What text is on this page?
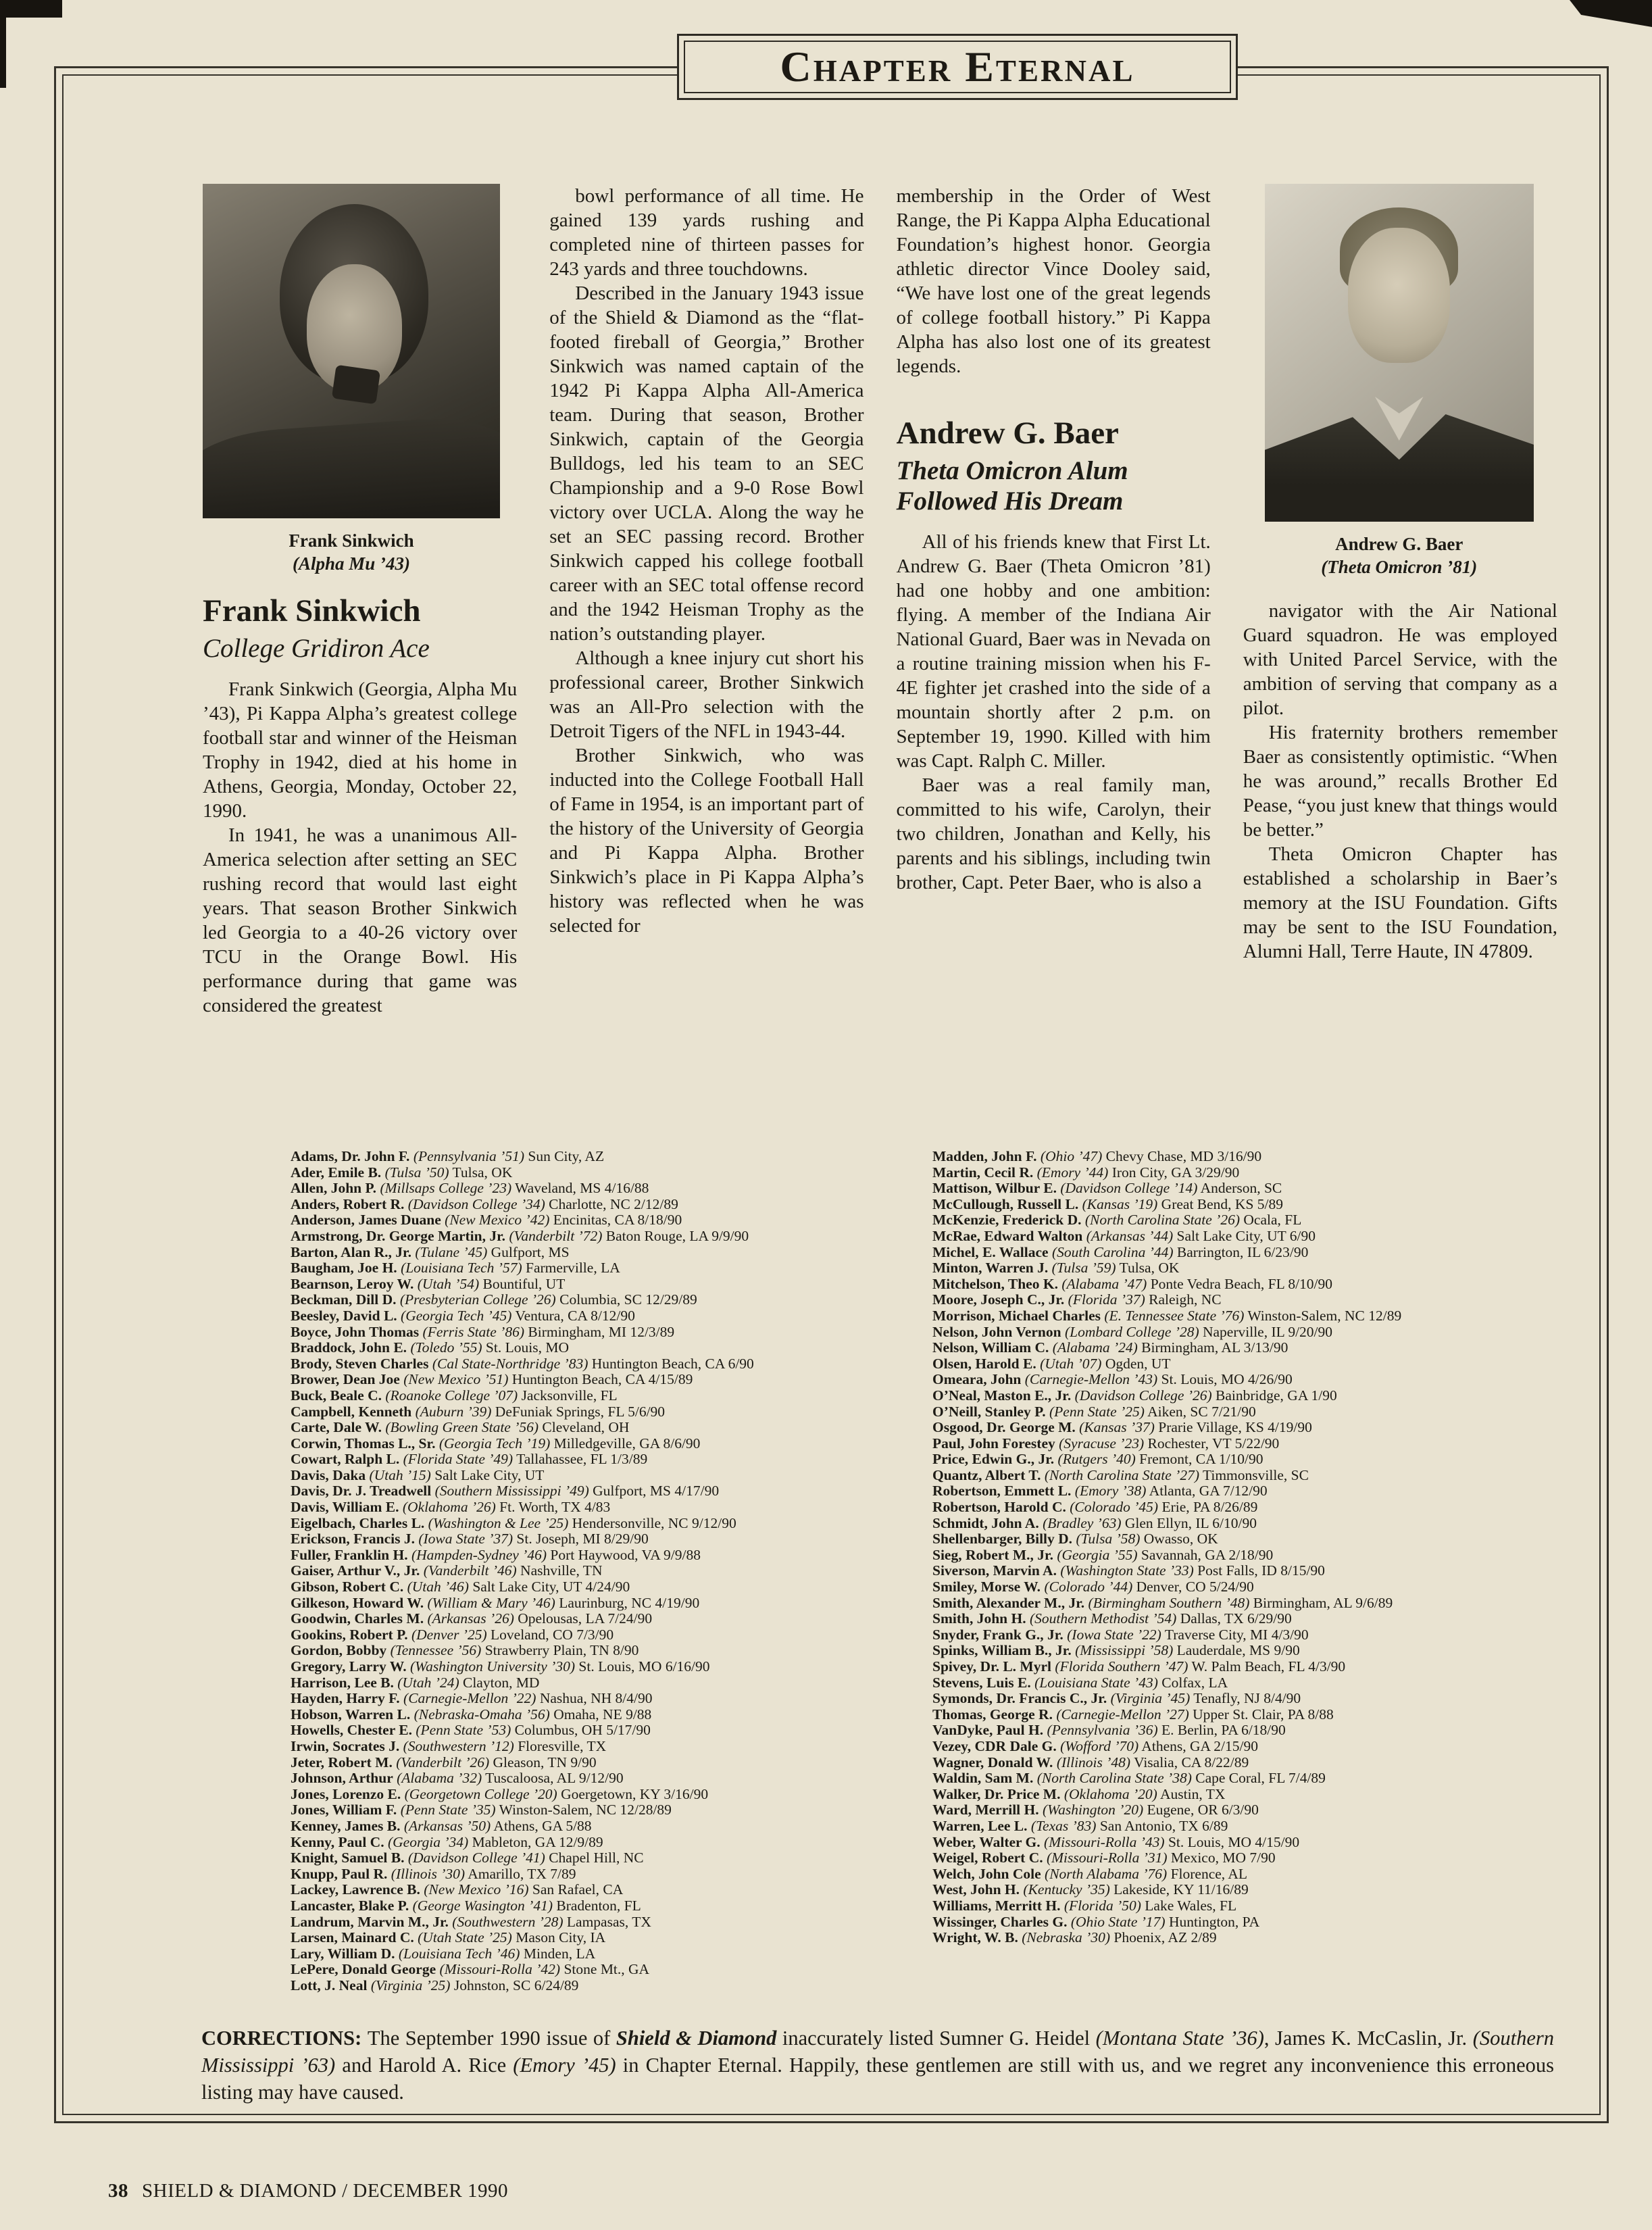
Chapter Eternal
Frank Sinkwich
(Alpha Mu ’43)
Frank Sinkwich
College Gridiron Ace

Frank Sinkwich (Georgia, Alpha Mu ’43), Pi Kappa Alpha’s greatest college football star and winner of the Heisman Trophy in 1942, died at his home in Athens, Georgia, Monday, October 22, 1990.

In 1941, he was a unanimous All-America selection after setting an SEC rushing record that would last eight years. That season Brother Sinkwich led Georgia to a 40-26 victory over TCU in the Orange Bowl. His performance during that game was considered the greatest

bowl performance of all time. He gained 139 yards rushing and completed nine of thirteen passes for 243 yards and three touchdowns.

Described in the January 1943 issue of the Shield & Diamond as the “flat-footed fireball of Georgia,” Brother Sinkwich was named captain of the 1942 Pi Kappa Alpha All-America team. During that season, Brother Sinkwich, captain of the Georgia Bulldogs, led his team to an SEC Championship and a 9-0 Rose Bowl victory over UCLA. Along the way he set an SEC passing record. Brother Sinkwich capped his college football career with an SEC total offense record and the 1942 Heisman Trophy as the nation’s outstanding player.

Although a knee injury cut short his professional career, Brother Sinkwich was an All-Pro selection with the Detroit Tigers of the NFL in 1943-44.

Brother Sinkwich, who was inducted into the College Football Hall of Fame in 1954, is an important part of the history of the University of Georgia and Pi Kappa Alpha. Brother Sinkwich’s place in Pi Kappa Alpha’s history was reflected when he was selected for

membership in the Order of West Range, the Pi Kappa Alpha Educational Foundation’s highest honor. Georgia athletic director Vince Dooley said, “We have lost one of the great legends of college football history.” Pi Kappa Alpha has also lost one of its greatest legends.

Andrew G. Baer
Theta Omicron Alum Followed His Dream

All of his friends knew that First Lt. Andrew G. Baer (Theta Omicron ’81) had one hobby and one ambition: flying. A member of the Indiana Air National Guard, Baer was in Nevada on a routine training mission when his F-4E fighter jet crashed into the side of a mountain shortly after 2 p.m. on September 19, 1990. Killed with him was Capt. Ralph C. Miller.

Baer was a real family man, committed to his wife, Carolyn, their two children, Jonathan and Kelly, his parents and his siblings, including twin brother, Capt. Peter Baer, who is also a

Andrew G. Baer
(Theta Omicron ’81)

navigator with the Air National Guard squadron. He was employed with United Parcel Service, with the ambition of serving that company as a pilot.

His fraternity brothers remember Baer as consistently optimistic. “When he was around,” recalls Brother Ed Pease, “you just knew that things would be better.”

Theta Omicron Chapter has established a scholarship in Baer’s memory at the ISU Foundation. Gifts may be sent to the ISU Foundation, Alumni Hall, Terre Haute, IN 47809.

Adams, Dr. John F. (Pennsylvania ’51) Sun City, AZ
Ader, Emile B. (Tulsa ’50) Tulsa, OK
Allen, John P. (Millsaps College ’23) Waveland, MS 4/16/88
Anders, Robert R. (Davidson College ’34) Charlotte, NC 2/12/89
Anderson, James Duane (New Mexico ’42) Encinitas, CA 8/18/90
Armstrong, Dr. George Martin, Jr. (Vanderbilt ’72) Baton Rouge, LA 9/9/90
Barton, Alan R., Jr. (Tulane ’45) Gulfport, MS
Baugham, Joe H. (Louisiana Tech ’57) Farmerville, LA
Bearnson, Leroy W. (Utah ’54) Bountiful, UT
Beckman, Dill D. (Presbyterian College ’26) Columbia, SC 12/29/89
Beesley, David L. (Georgia Tech ’45) Ventura, CA 8/12/90
Boyce, John Thomas (Ferris State ’86) Birmingham, MI 12/3/89
Braddock, John E. (Toledo ’55) St. Louis, MO
Brody, Steven Charles (Cal State-Northridge ’83) Huntington Beach, CA 6/90
Brower, Dean Joe (New Mexico ’51) Huntington Beach, CA 4/15/89
Buck, Beale C. (Roanoke College ’07) Jacksonville, FL
Campbell, Kenneth (Auburn ’39) DeFuniak Springs, FL 5/6/90
Carte, Dale W. (Bowling Green State ’56) Cleveland, OH
Corwin, Thomas L., Sr. (Georgia Tech ’19) Milledgeville, GA 8/6/90
Cowart, Ralph L. (Florida State ’49) Tallahassee, FL 1/3/89
Davis, Daka (Utah ’15) Salt Lake City, UT
Davis, Dr. J. Treadwell (Southern Mississippi ’49) Gulfport, MS 4/17/90
Davis, William E. (Oklahoma ’26) Ft. Worth, TX 4/83
Eigelbach, Charles L. (Washington & Lee ’25) Hendersonville, NC 9/12/90
Erickson, Francis J. (Iowa State ’37) St. Joseph, MI 8/29/90
Fuller, Franklin H. (Hampden-Sydney ’46) Port Haywood, VA 9/9/88
Gaiser, Arthur V., Jr. (Vanderbilt ’46) Nashville, TN
Gibson, Robert C. (Utah ’46) Salt Lake City, UT 4/24/90
Gilkeson, Howard W. (William & Mary ’46) Laurinburg, NC 4/19/90
Goodwin, Charles M. (Arkansas ’26) Opelousas, LA 7/24/90
Gookins, Robert P. (Denver ’25) Loveland, CO 7/3/90
Gordon, Bobby (Tennessee ’56) Strawberry Plain, TN 8/90
Gregory, Larry W. (Washington University ’30) St. Louis, MO 6/16/90
Harrison, Lee B. (Utah ’24) Clayton, MD
Hayden, Harry F. (Carnegie-Mellon ’22) Nashua, NH 8/4/90
Hobson, Warren L. (Nebraska-Omaha ’56) Omaha, NE 9/88
Howells, Chester E. (Penn State ’53) Columbus, OH 5/17/90
Irwin, Socrates J. (Southwestern ’12) Floresville, TX
Jeter, Robert M. (Vanderbilt ’26) Gleason, TN 9/90
Johnson, Arthur (Alabama ’32) Tuscaloosa, AL 9/12/90
Jones, Lorenzo E. (Georgetown College ’20) Goergetown, KY 3/16/90
Jones, William F. (Penn State ’35) Winston-Salem, NC 12/28/89
Kenney, James B. (Arkansas ’50) Athens, GA 5/88
Kenny, Paul C. (Georgia ’34) Mableton, GA 12/9/89
Knight, Samuel B. (Davidson College ’41) Chapel Hill, NC
Knupp, Paul R. (Illinois ’30) Amarillo, TX 7/89
Lackey, Lawrence B. (New Mexico ’16) San Rafael, CA
Lancaster, Blake P. (George Wasington ’41) Bradenton, FL
Landrum, Marvin M., Jr. (Southwestern ’28) Lampasas, TX
Larsen, Mainard C. (Utah State ’25) Mason City, IA
Lary, William D. (Louisiana Tech ’46) Minden, LA
LePere, Donald George (Missouri-Rolla ’42) Stone Mt., GA
Lott, J. Neal (Virginia ’25) Johnston, SC 6/24/89
Madden, John F. (Ohio ’47) Chevy Chase, MD 3/16/90
Martin, Cecil R. (Emory ’44) Iron City, GA 3/29/90
Mattison, Wilbur E. (Davidson College ’14) Anderson, SC
McCullough, Russell L. (Kansas ’19) Great Bend, KS 5/89
McKenzie, Frederick D. (North Carolina State ’26) Ocala, FL
McRae, Edward Walton (Arkansas ’44) Salt Lake City, UT 6/90
Michel, E. Wallace (South Carolina ’44) Barrington, IL 6/23/90
Minton, Warren J. (Tulsa ’59) Tulsa, OK
Mitchelson, Theo K. (Alabama ’47) Ponte Vedra Beach, FL 8/10/90
Moore, Joseph C., Jr. (Florida ’37) Raleigh, NC
Morrison, Michael Charles (E. Tennessee State ’76) Winston-Salem, NC 12/89
Nelson, John Vernon (Lombard College ’28) Naperville, IL 9/20/90
Nelson, William C. (Alabama ’24) Birmingham, AL 3/13/90
Olsen, Harold E. (Utah ’07) Ogden, UT
Omeara, John (Carnegie-Mellon ’43) St. Louis, MO 4/26/90
O’Neal, Maston E., Jr. (Davidson College ’26) Bainbridge, GA 1/90
O’Neill, Stanley P. (Penn State ’25) Aiken, SC 7/21/90
Osgood, Dr. George M. (Kansas ’37) Prarie Village, KS 4/19/90
Paul, John Forestey (Syracuse ’23) Rochester, VT 5/22/90
Price, Edwin G., Jr. (Rutgers ’40) Fremont, CA 1/10/90
Quantz, Albert T. (North Carolina State ’27) Timmonsville, SC
Robertson, Emmett L. (Emory ’38) Atlanta, GA 7/12/90
Robertson, Harold C. (Colorado ’45) Erie, PA 8/26/89
Schmidt, John A. (Bradley ’63) Glen Ellyn, IL 6/10/90
Shellenbarger, Billy D. (Tulsa ’58) Owasso, OK
Sieg, Robert M., Jr. (Georgia ’55) Savannah, GA 2/18/90
Siverson, Marvin A. (Washington State ’33) Post Falls, ID 8/15/90
Smiley, Morse W. (Colorado ’44) Denver, CO 5/24/90
Smith, Alexander M., Jr. (Birmingham Southern ’48) Birmingham, AL 9/6/89
Smith, John H. (Southern Methodist ’54) Dallas, TX 6/29/90
Snyder, Frank G., Jr. (Iowa State ’22) Traverse City, MI 4/3/90
Spinks, William B., Jr. (Mississippi ’58) Lauderdale, MS 9/90
Spivey, Dr. L. Myrl (Florida Southern ’47) W. Palm Beach, FL 4/3/90
Stevens, Luis E. (Louisiana State ’43) Colfax, LA
Symonds, Dr. Francis C., Jr. (Virginia ’45) Tenafly, NJ 8/4/90
Thomas, George R. (Carnegie-Mellon ’27) Upper St. Clair, PA 8/88
VanDyke, Paul H. (Pennsylvania ’36) E. Berlin, PA 6/18/90
Vezey, CDR Dale G. (Wofford ’70) Athens, GA 2/15/90
Wagner, Donald W. (Illinois ’48) Visalia, CA 8/22/89
Waldin, Sam M. (North Carolina State ’38) Cape Coral, FL 7/4/89
Walker, Dr. Price M. (Oklahoma ’20) Austin, TX
Ward, Merrill H. (Washington ’20) Eugene, OR 6/3/90
Warren, Lee L. (Texas ’83) San Antonio, TX 6/89
Weber, Walter G. (Missouri-Rolla ’43) St. Louis, MO 4/15/90
Weigel, Robert C. (Missouri-Rolla ’31) Mexico, MO 7/90
Welch, John Cole (North Alabama ’76) Florence, AL
West, John H. (Kentucky ’35) Lakeside, KY 11/16/89
Williams, Merritt H. (Florida ’50) Lake Wales, FL
Wissinger, Charles G. (Ohio State ’17) Huntington, PA
Wright, W. B. (Nebraska ’30) Phoenix, AZ 2/89
CORRECTIONS: The September 1990 issue of Shield & Diamond inaccurately listed Sumner G. Heidel (Montana State ’36), James K. McCaslin, Jr. (Southern Mississippi ’63) and Harold A. Rice (Emory ’45) in Chapter Eternal. Happily, these gentlemen are still with us, and we regret any inconvenience this erroneous listing may have caused.
38 SHIELD & DIAMOND / DECEMBER 1990
